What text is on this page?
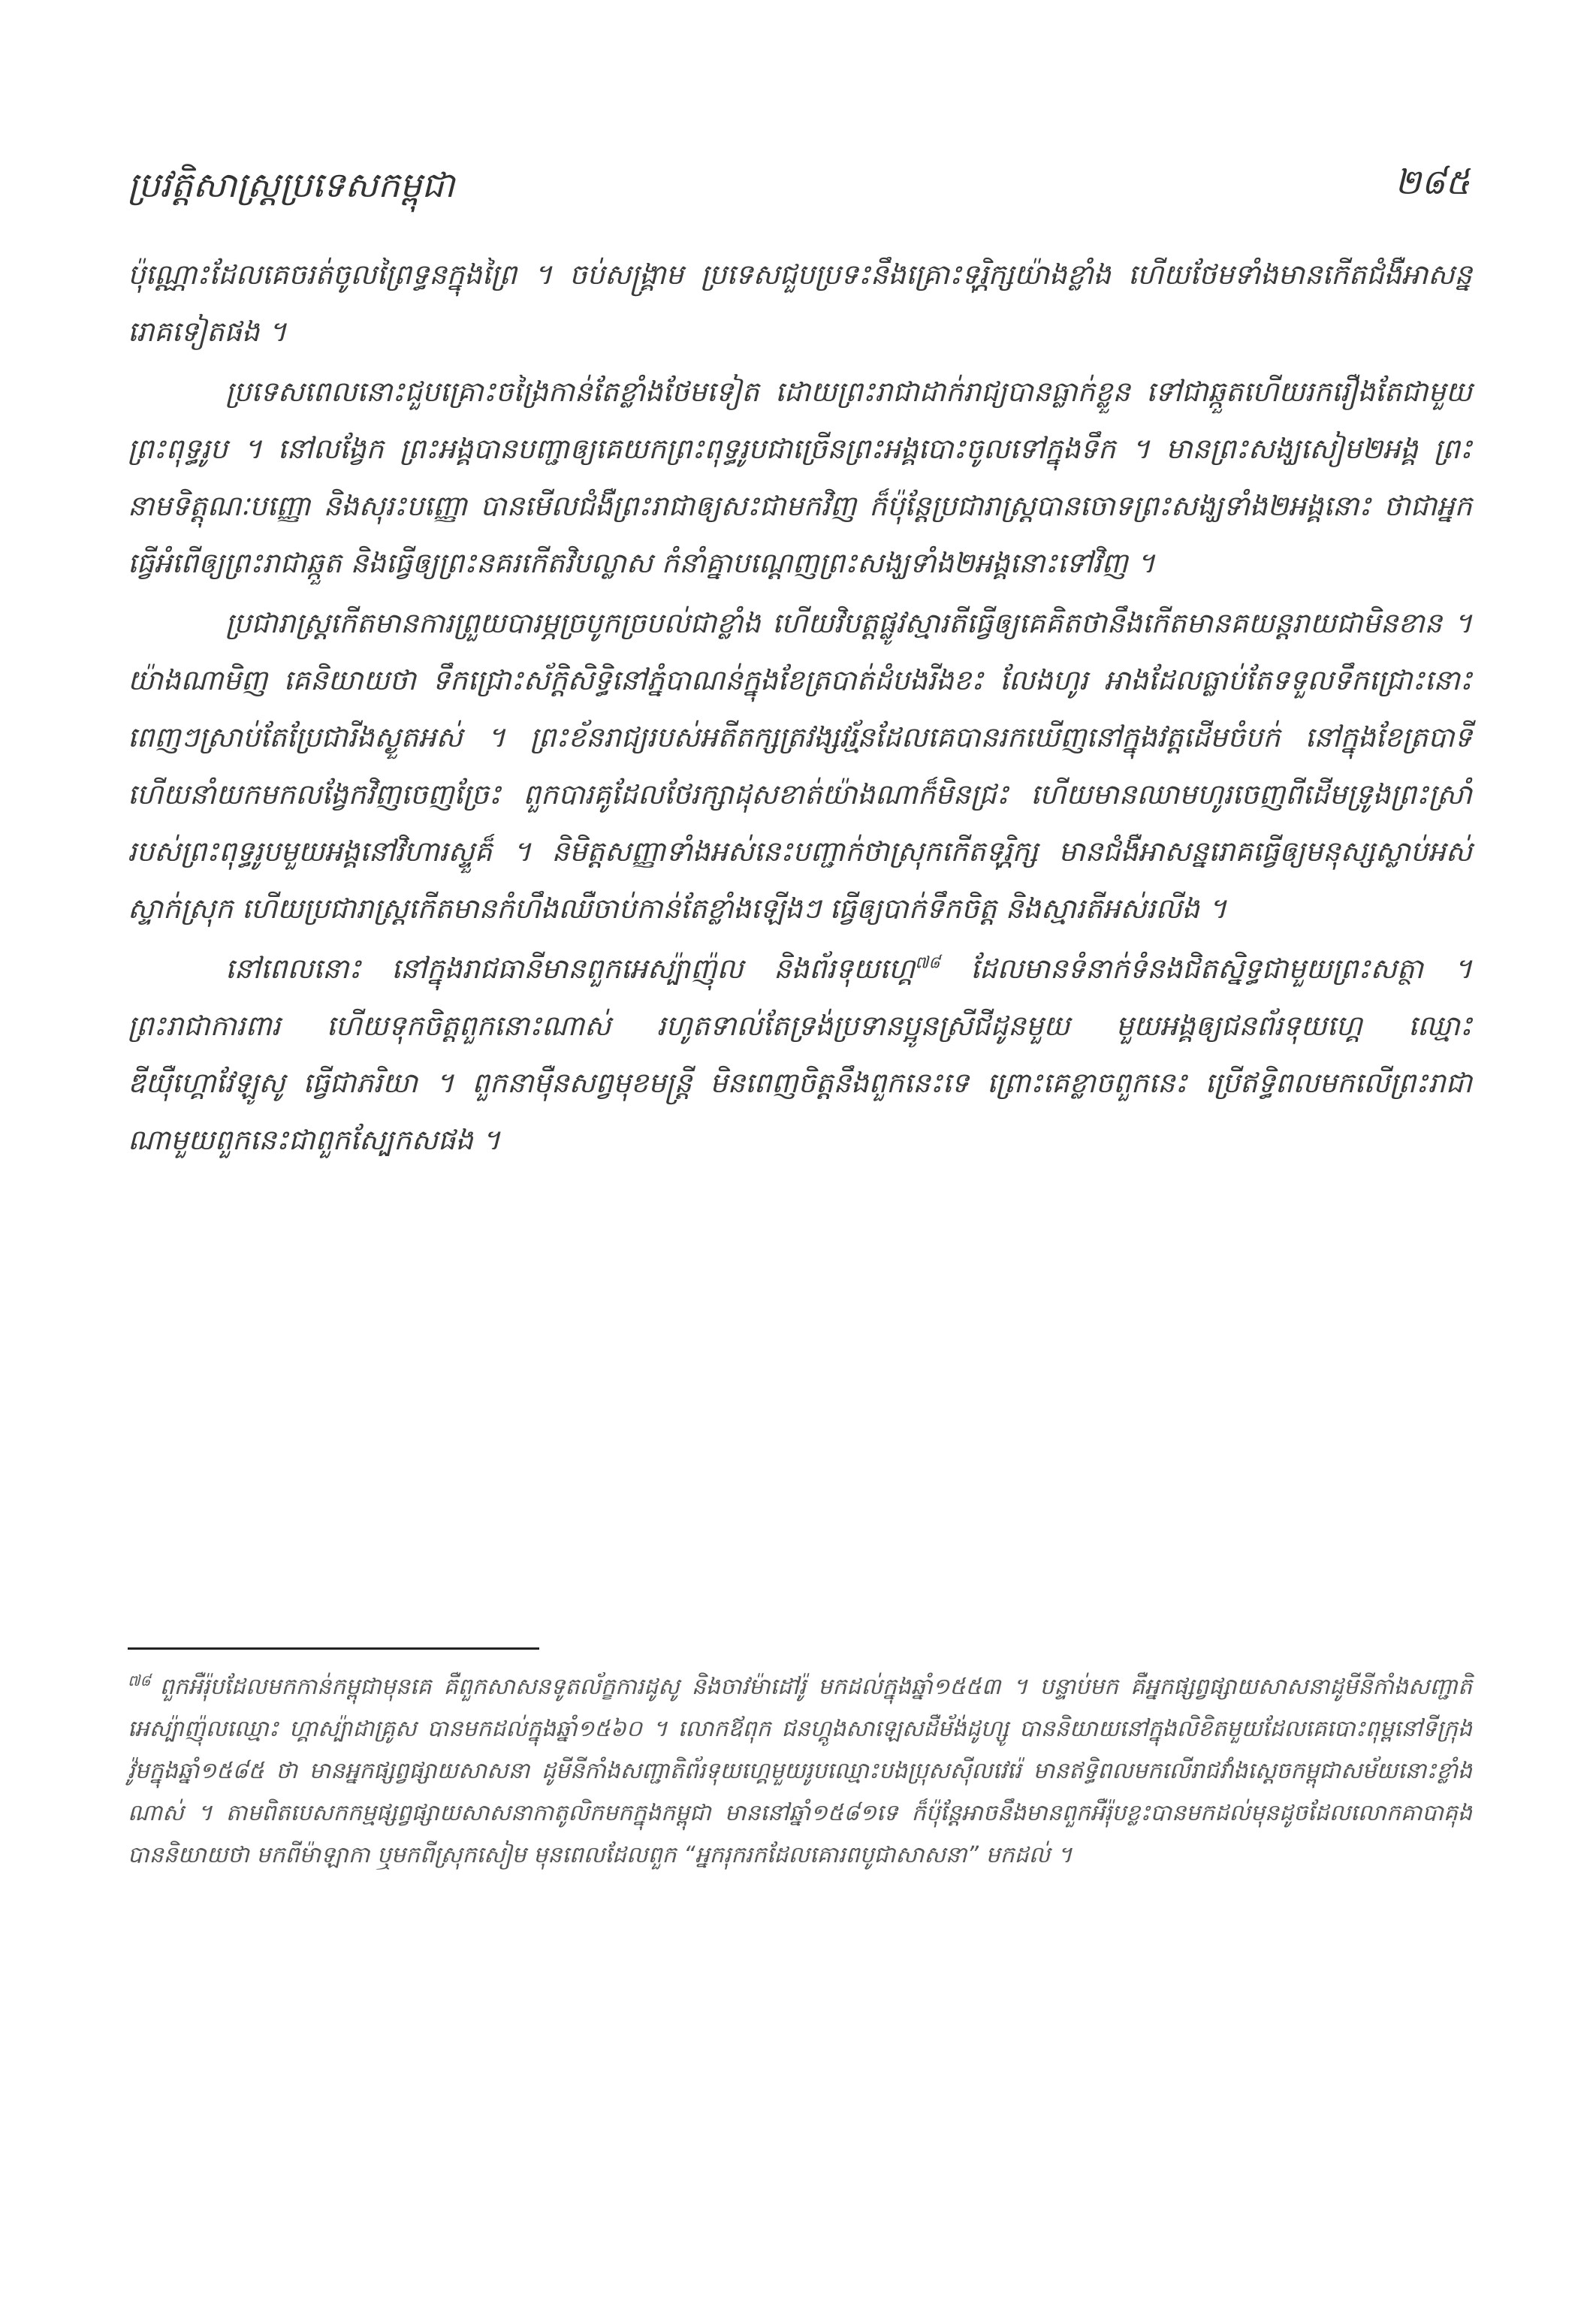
ប្រវត្តិសាស្ត្រប្រទេសកម្ពុជា	២៨៥

ប៉ុណ្ណោះដែលគេចរត់ចូលព្រៃទ្ធនក្នុងព្រៃ ។ ចប់សង្គ្រាម ប្រទេសជួបប្រទះនឹងគ្រោះទុរ្ភិក្សយ៉ាងខ្លាំង ហើយថែមទាំងមានកើតជំងឺអាសន្នរោគទៀតផង ។

ប្រទេសពេលនោះជួបគ្រោះចង្រៃកាន់តែខ្លាំងថែមទៀត ដោយព្រះរាជាដាក់រាជ្យបានធ្លាក់ខ្លួន ទៅជាឆ្កួតហើយរករឿងតែជាមួយព្រះពុទ្ធរូប ។ នៅលង្វែក ព្រះអង្គបានបញ្ជាឲ្យគេយកព្រះពុទ្ធរូបជាច្រើនព្រះអង្គបោះចូលទៅក្នុងទឹក ។ មានព្រះសង្ឃសៀម២អង្គ ព្រះនាមទិត្តុណៈបញ្ញោ និងសុរះបញ្ញោ បានមើលជំងឺព្រះរាជាឲ្យសះជាមកវិញ ក៏ប៉ុន្តែប្រជារាស្ត្របានចោទព្រះសង្ឃទាំង២អង្គនោះ ថាជាអ្នកធ្វើអំពើឲ្យព្រះរាជាឆ្កួត និងធ្វើឲ្យព្រះនគរកើតវិបល្លាស កំនាំគ្នាបណ្តេញព្រះសង្ឃទាំង២អង្គនោះទៅវិញ ។

ប្រជារាស្ត្រកើតមានការព្រួយបារម្ភច្របូកច្របល់ជាខ្លាំង ហើយវិបត្តផ្លូវស្មារតីធ្វើឲ្យគេគិតថានឹងកើតមានគយន្តរាយជាមិនខាន ។ យ៉ាងណាមិញ គេនិយាយថា ទឹកជ្រោះស័ក្តិសិទ្ធិនៅភ្នំបាណន់ក្នុងខែត្របាត់ដំបងរីងខះ លែងហូរ អាងដែលធ្លាប់តែទទួលទឹកជ្រោះនោះពេញៗស្រាប់តែប្រែជារីងស្ងួតអស់ ។ ព្រះខ័នរាជ្យរបស់អតីតក្សត្រវង្សវរ្ម័នដែលគេបានរកឃើញនៅក្នុងវត្តដើមចំបក់ នៅក្នុងខែត្របាទី ហើយនាំយកមកលង្វែកវិញចេញច្រែះ ពួកបារគូដែលថែរក្សាដុសខាត់យ៉ាងណាក៏មិនជ្រះ ហើយមានឈាមហូរចេញពីដើមទ្រូងព្រះស្រាំរបស់ព្រះពុទ្ធរូបមួយអង្គនៅវិហារស្ទួគ៏ ។ និមិត្តសញ្ញាទាំងអស់នេះបញ្ជាក់ថាស្រុកកើតទុរ្ភិក្ស មានជំងឺអាសន្នរោគធ្វើឲ្យមនុស្សស្លាប់អស់ស្ទាក់ស្រុក ហើយប្រជារាស្ត្រកើតមានកំហឹងឈឺចាប់កាន់តែខ្លាំងឡើងៗ ធ្វើឲ្យបាក់ទឹកចិត្ត និងស្មារតីអស់រលីង ។

នៅពេលនោះ នៅក្នុងរាជធានីមានពួកអេស្ប៉ាញ៉ុល និងព័រទុយហ្គេ$^{៧៨}$ ដែលមានទំនាក់ទំនងជិតស្និទ្ធជាមួយព្រះសត្ថា ។ ព្រះរាជាការពារ ហើយទុកចិត្តពួកនោះណាស់ រហូតទាល់តែទ្រង់ប្រទានប្អូនស្រីជីដូនមួយ មួយអង្គឲ្យជនព័រទុយហ្គេ ឈ្មោះ ឌីយ៉ឺហ្គោវែឡូសូ ធ្វើជាភរិយា ។ ពួកនាម៉ឺនសព្វមុខមន្ត្រី មិនពេញចិត្តនឹងពួកនេះទេ ព្រោះគេខ្លាចពួកនេះ ប្រើឥទ្ធិពលមកលើព្រះរាជា ណាមួយពួកនេះជាពួកស្បែកសផង ។

$^{៧៨}$ ពួកអឺរ៉ុបដែលមកកាន់កម្ពុជាមុនគេ គឺពួកសាសនទូតល័ក្ខការដូសូ និងចាវម៉ាដៅរ៉ូ មកដល់ក្នុងឆ្នាំ១៥៥៣ ។ បន្ទាប់មក គឺអ្នកផ្សព្វផ្សាយសាសនាដូមីនីកាំងសញ្ជាតិអេស្ប៉ាញ៉ុលឈ្មោះ ហ្គាស្ប៉ាដាគ្រូស បានមកដល់ក្នុងឆ្នាំ១៥៦០ ។ លោកឪពុក ជនហ្គូងសាឡេសដឺម័ង់ដូហ្សូ បាននិយាយនៅក្នុងលិខិតមួយដែលគេបោះពុម្ពនៅទីក្រុងវ៉ូមក្នុងឆ្នាំ១៥៨៥ ថា មានអ្នកផ្សព្វផ្សាយសាសនា ដូមីនីកាំងសញ្ជាតិព័រទុយហ្គេមួយរូបឈ្មោះបងប្រុសស៊ីលវេរ៉េ មានឥទ្ធិពលមកលើរាជវាំងស្តេចកម្ពុជាសម័យនោះខ្លាំងណាស់ ។ តាមពិតបេសកកម្មផ្សព្វផ្សាយសាសនាកាតូលិកមកក្នុងកម្ពុជា មាននៅឆ្នាំ១៥៨១ទេ ក៏ប៉ុន្តែអាចនឹងមានពួកអឺរ៉ុបខ្លះបានមកដល់មុនដូចដែលលោកគាបាគុងបាននិយាយថា មកពីម៉ាឡាកា ឬមកពីស្រុកសៀម មុនពេលដែលពួក “អ្នករុករកដែលគោរពបូជាសាសនា” មកដល់ ។
